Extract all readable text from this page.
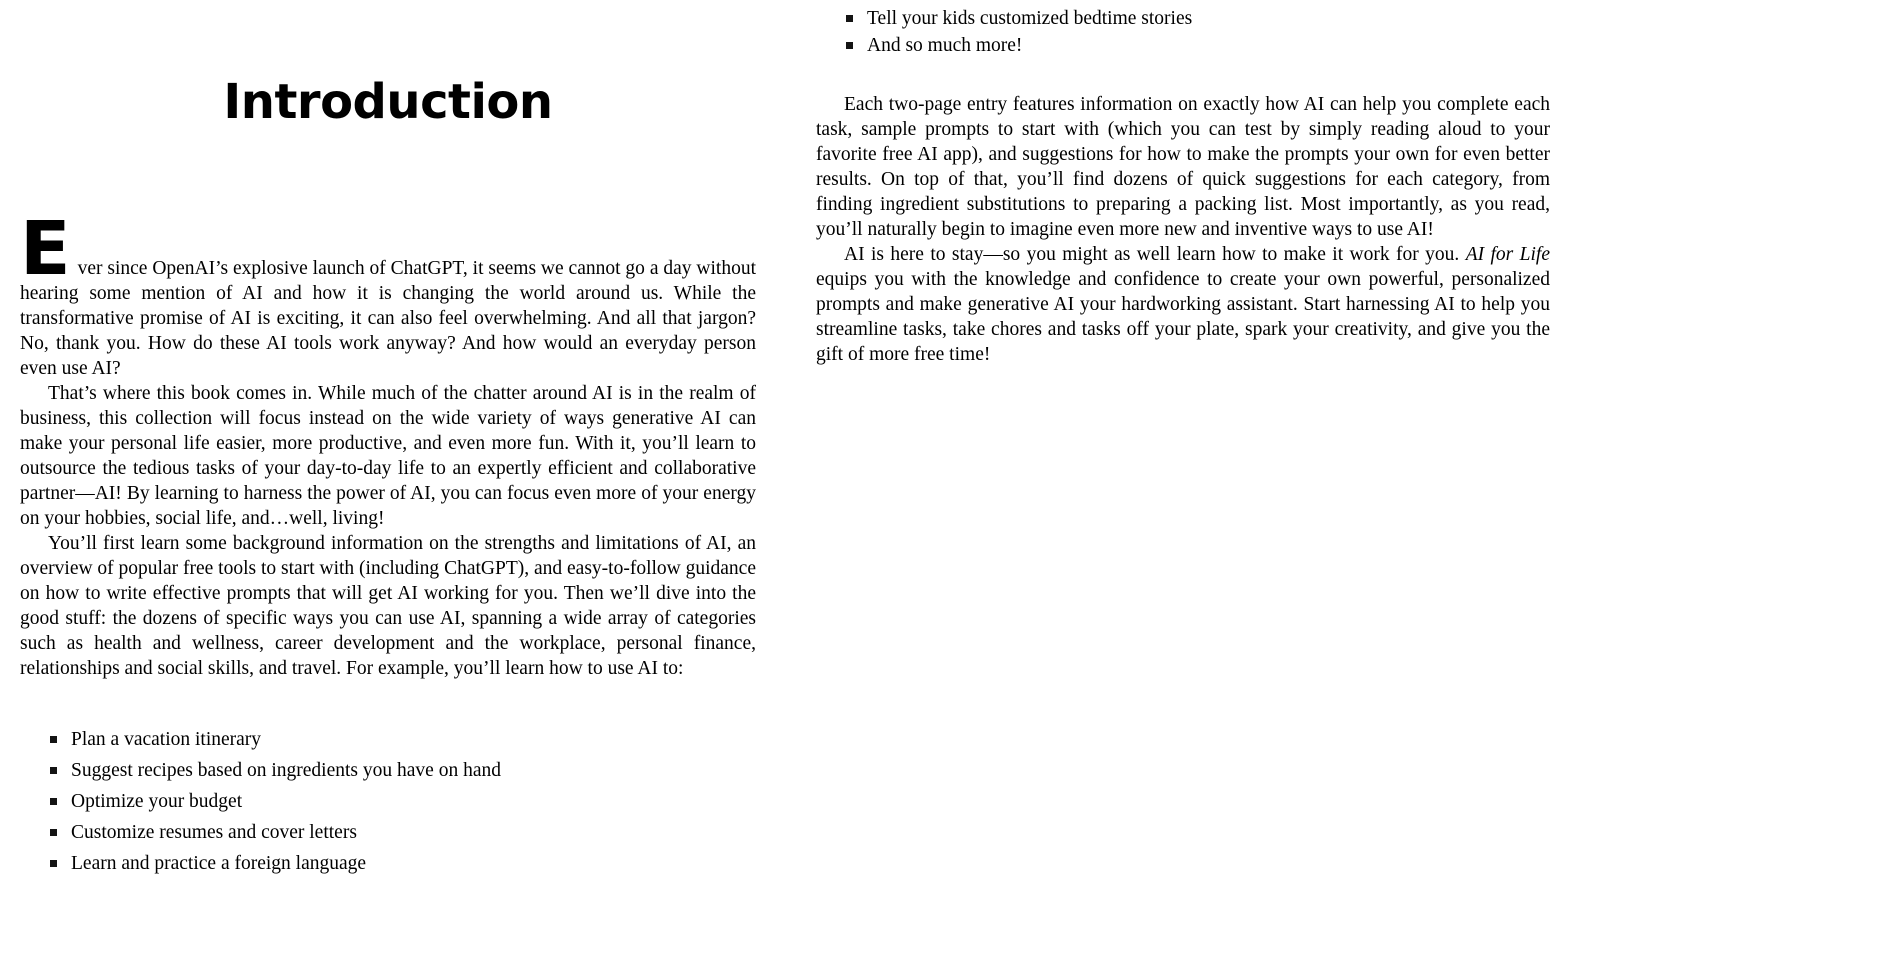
Introduction

Ever since OpenAI’s explosive launch of ChatGPT, it seems we cannot go a day without hearing some mention of AI and how it is changing the world around us. While the transformative promise of AI is exciting, it can also feel overwhelming. And all that jargon? No, thank you. How do these AI tools work anyway? And how would an everyday person even use AI?

That’s where this book comes in. While much of the chatter around AI is in the realm of business, this collection will focus instead on the wide variety of ways generative AI can make your personal life easier, more productive, and even more fun. With it, you’ll learn to outsource the tedious tasks of your day-to-day life to an expertly efficient and collaborative partner—AI! By learning to harness the power of AI, you can focus even more of your energy on your hobbies, social life, and…well, living!

You’ll first learn some background information on the strengths and limitations of AI, an overview of popular free tools to start with (including ChatGPT), and easy-to-follow guidance on how to write effective prompts that will get AI working for you. Then we’ll dive into the good stuff: the dozens of specific ways you can use AI, spanning a wide array of categories such as health and wellness, career development and the workplace, personal finance, relationships and social skills, and travel. For example, you’ll learn how to use AI to:

Plan a vacation itinerary
Suggest recipes based on ingredients you have on hand
Optimize your budget
Customize resumes and cover letters
Learn and practice a foreign language
Tell your kids customized bedtime stories
And so much more!

Each two-page entry features information on exactly how AI can help you complete each task, sample prompts to start with (which you can test by simply reading aloud to your favorite free AI app), and suggestions for how to make the prompts your own for even better results. On top of that, you’ll find dozens of quick suggestions for each category, from finding ingredient substitutions to preparing a packing list. Most importantly, as you read, you’ll naturally begin to imagine even more new and inventive ways to use AI!

AI is here to stay—so you might as well learn how to make it work for you. AI for Life equips you with the knowledge and confidence to create your own powerful, personalized prompts and make generative AI your hardworking assistant. Start harnessing AI to help you streamline tasks, take chores and tasks off your plate, spark your creativity, and give you the gift of more free time!
